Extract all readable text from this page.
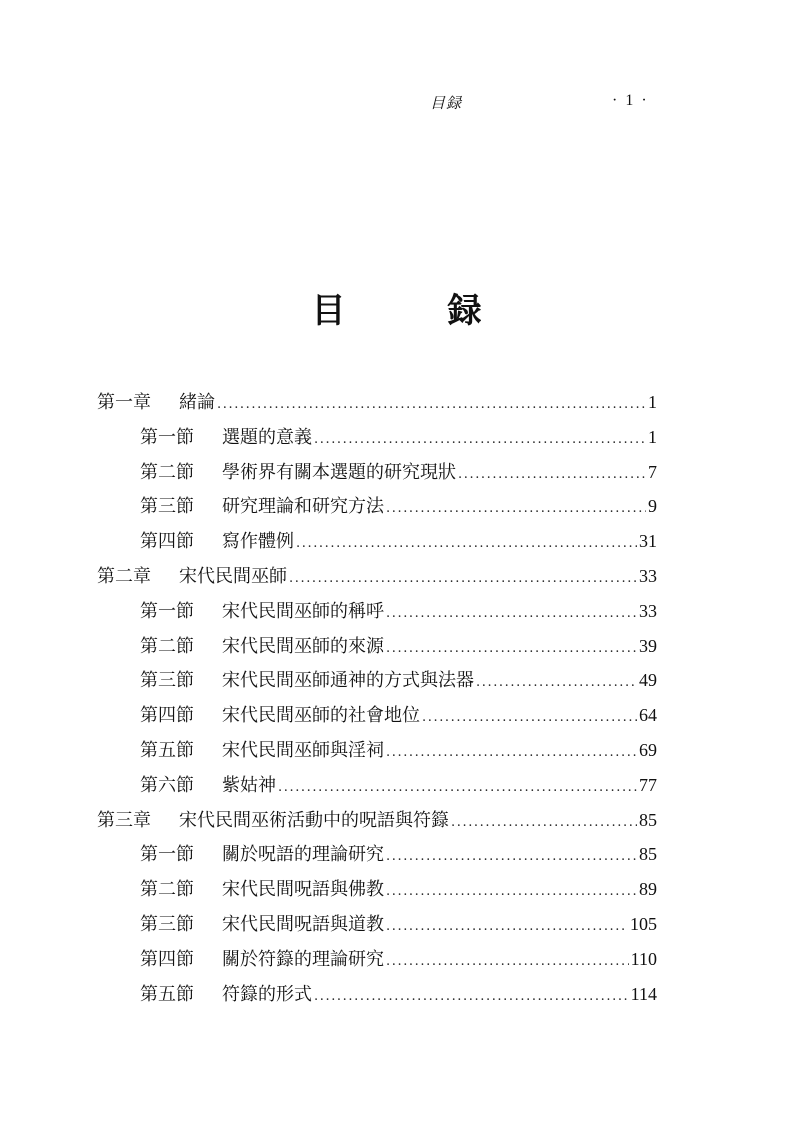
目録	· 1 ·
目　録
第一章	緒論 .....	1
第一節	選題的意義 .....	1
第二節	學術界有關本選題的研究現狀 .....	7
第三節	研究理論和研究方法 .....	9
第四節	寫作體例 .....	31
第二章	宋代民間巫師 .....	33
第一節	宋代民間巫師的稱呼 .....	33
第二節	宋代民間巫師的來源 .....	39
第三節	宋代民間巫師通神的方式與法器 .....	49
第四節	宋代民間巫師的社會地位 .....	64
第五節	宋代民間巫師與淫祠 .....	69
第六節	紫姑神 .....	77
第三章	宋代民間巫術活動中的呪語與符籙 .....	85
第一節	關於呪語的理論研究 .....	85
第二節	宋代民間呪語與佛教 .....	89
第三節	宋代民間呪語與道教 .....	105
第四節	關於符籙的理論研究 .....	110
第五節	符籙的形式 .....	114
